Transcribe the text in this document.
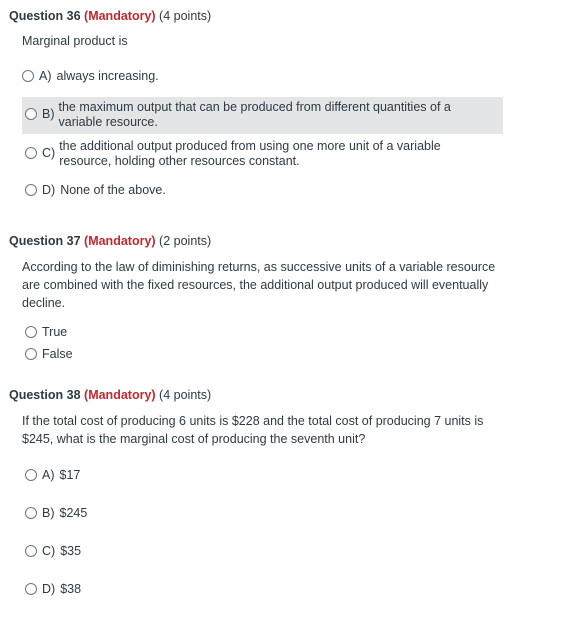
Question 36 (Mandatory) (4 points)
Marginal product is
A) always increasing.
B) the maximum output that can be produced from different quantities of a variable resource.
C) the additional output produced from using one more unit of a variable resource, holding other resources constant.
D) None of the above.
Question 37 (Mandatory) (2 points)
According to the law of diminishing returns, as successive units of a variable resource are combined with the fixed resources, the additional output produced will eventually decline.
True
False
Question 38 (Mandatory) (4 points)
If the total cost of producing 6 units is $228 and the total cost of producing 7 units is $245, what is the marginal cost of producing the seventh unit?
A) $17
B) $245
C) $35
D) $38
